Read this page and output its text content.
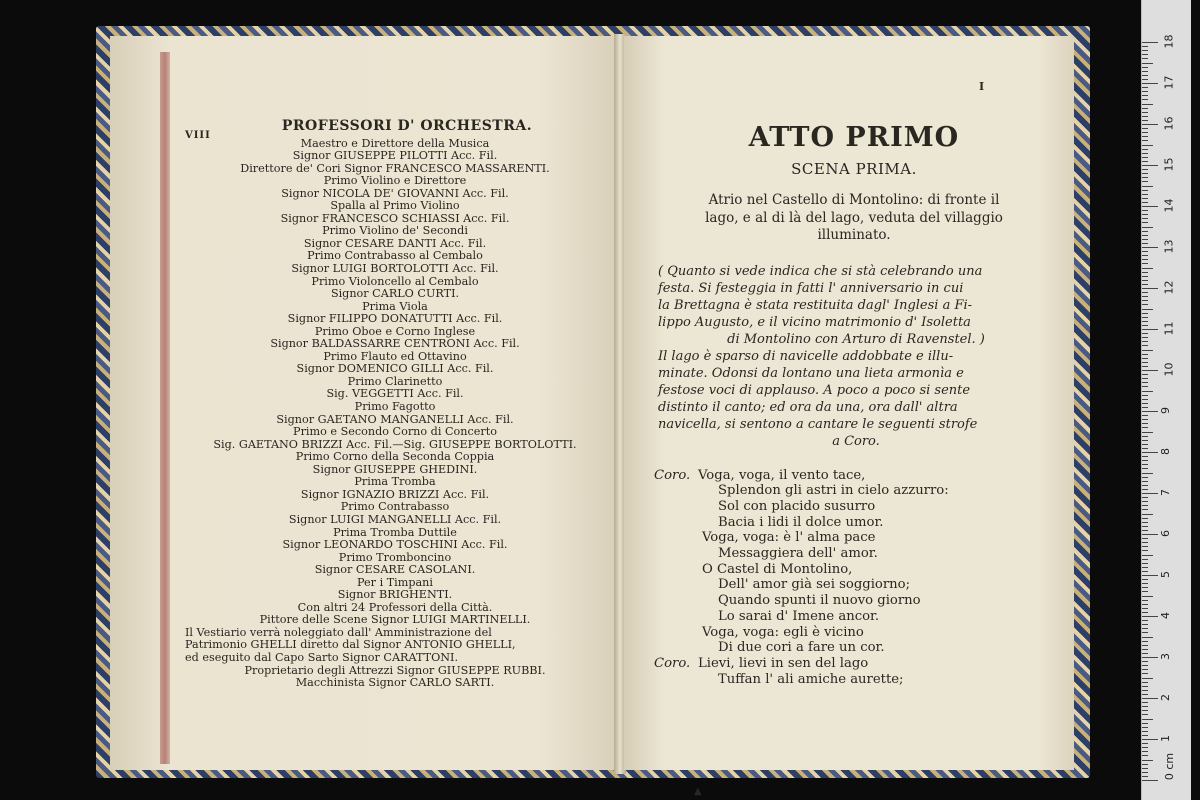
VIII
PROFESSORI D' ORCHESTRA.
Maestro e Direttore della Musica
Signor GIUSEPPE PILOTTI Acc. Fil.
Direttore de' Cori Signor FRANCESCO MASSARENTI.
Primo Violino e Direttore
Signor NICOLA DE' GIOVANNI Acc. Fil.
Spalla al Primo Violino
Signor FRANCESCO SCHIASSI Acc. Fil.
Primo Violino de' Secondi
Signor CESARE DANTI Acc. Fil.
Primo Contrabasso al Cembalo
Signor LUIGI BORTOLOTTI Acc. Fil.
Primo Violoncello al Cembalo
Signor CARLO CURTI.
Prima Viola
Signor FILIPPO DONATUTTI Acc. Fil.
Primo Oboe e Corno Inglese
Signor BALDASSARRE CENTRONI Acc. Fil.
Primo Flauto ed Ottavino
Signor DOMENICO GILLI Acc. Fil.
Primo Clarinetto
Sig. VEGGETTI Acc. Fil.
Primo Fagotto
Signor GAETANO MANGANELLI Acc. Fil.
Primo e Secondo Corno di Concerto
Sig. GAETANO BRIZZI Acc. Fil.—Sig. GIUSEPPE BORTOLOTTI.
Primo Corno della Seconda Coppia
Signor GIUSEPPE GHEDINI.
Prima Tromba
Signor IGNAZIO BRIZZI Acc. Fil.
Primo Contrabasso
Signor LUIGI MANGANELLI Acc. Fil.
Prima Tromba Duttile
Signor LEONARDO TOSCHINI Acc. Fil.
Primo Tromboncino
Signor CESARE CASOLANI.
Per i Timpani
Signor BRIGHENTI.
Con altri 24 Professori della Città.
Pittore delle Scene Signor LUIGI MARTINELLI.
Il Vestiario verrà noleggiato dall' Amministrazione del
Patrimonio GHELLI diretto dal Signor ANTONIO GHELLI,
ed eseguito dal Capo Sarto Signor CARATTONI.
Proprietario degli Attrezzi Signor GIUSEPPE RUBBI.
Macchinista Signor CARLO SARTI.
I
ATTO PRIMO
SCENA PRIMA.
Atrio nel Castello di Montolino: di fronte il
lago, e al di là del lago, veduta del villaggio
illuminato.

( Quanto si vede indica che si stà celebrando una

festa. Si festeggia in fatti l' anniversario in cui

la Brettagna è stata restituita dagl' Inglesi a Fi-

lippo Augusto, e il vicino matrimonio d' Isoletta

di Montolino con Arturo di Ravenstel. )

Il lago è sparso di navicelle addobbate e illu-

minate. Odonsi da lontano una lieta armonìa e

festose voci di applauso. A poco a poco si sente

distinto il canto; ed ora da una, ora dall' altra

navicella, si sentono a cantare le seguenti strofe

a Coro.

Coro. Voga, voga, il vento tace,
Splendon gli astri in cielo azzurro:
Sol con placido susurro
Bacia i lidi il dolce umor.
Voga, voga: è l' alma pace
Messaggiera dell' amor.
O Castel di Montolino,
Dell' amor già sei soggiorno;
Quando spunti il nuovo giorno
Lo sarai d' Imene ancor.
Voga, voga: egli è vicino
Di due cori a fare un cor.
Coro. Lievi, lievi in sen del lago
Tuffan l' ali amiche aurette;
▲
1
2
3
4
5
6
7
8
9
10
11
12
13
14
15
16
17
18
0 cm
